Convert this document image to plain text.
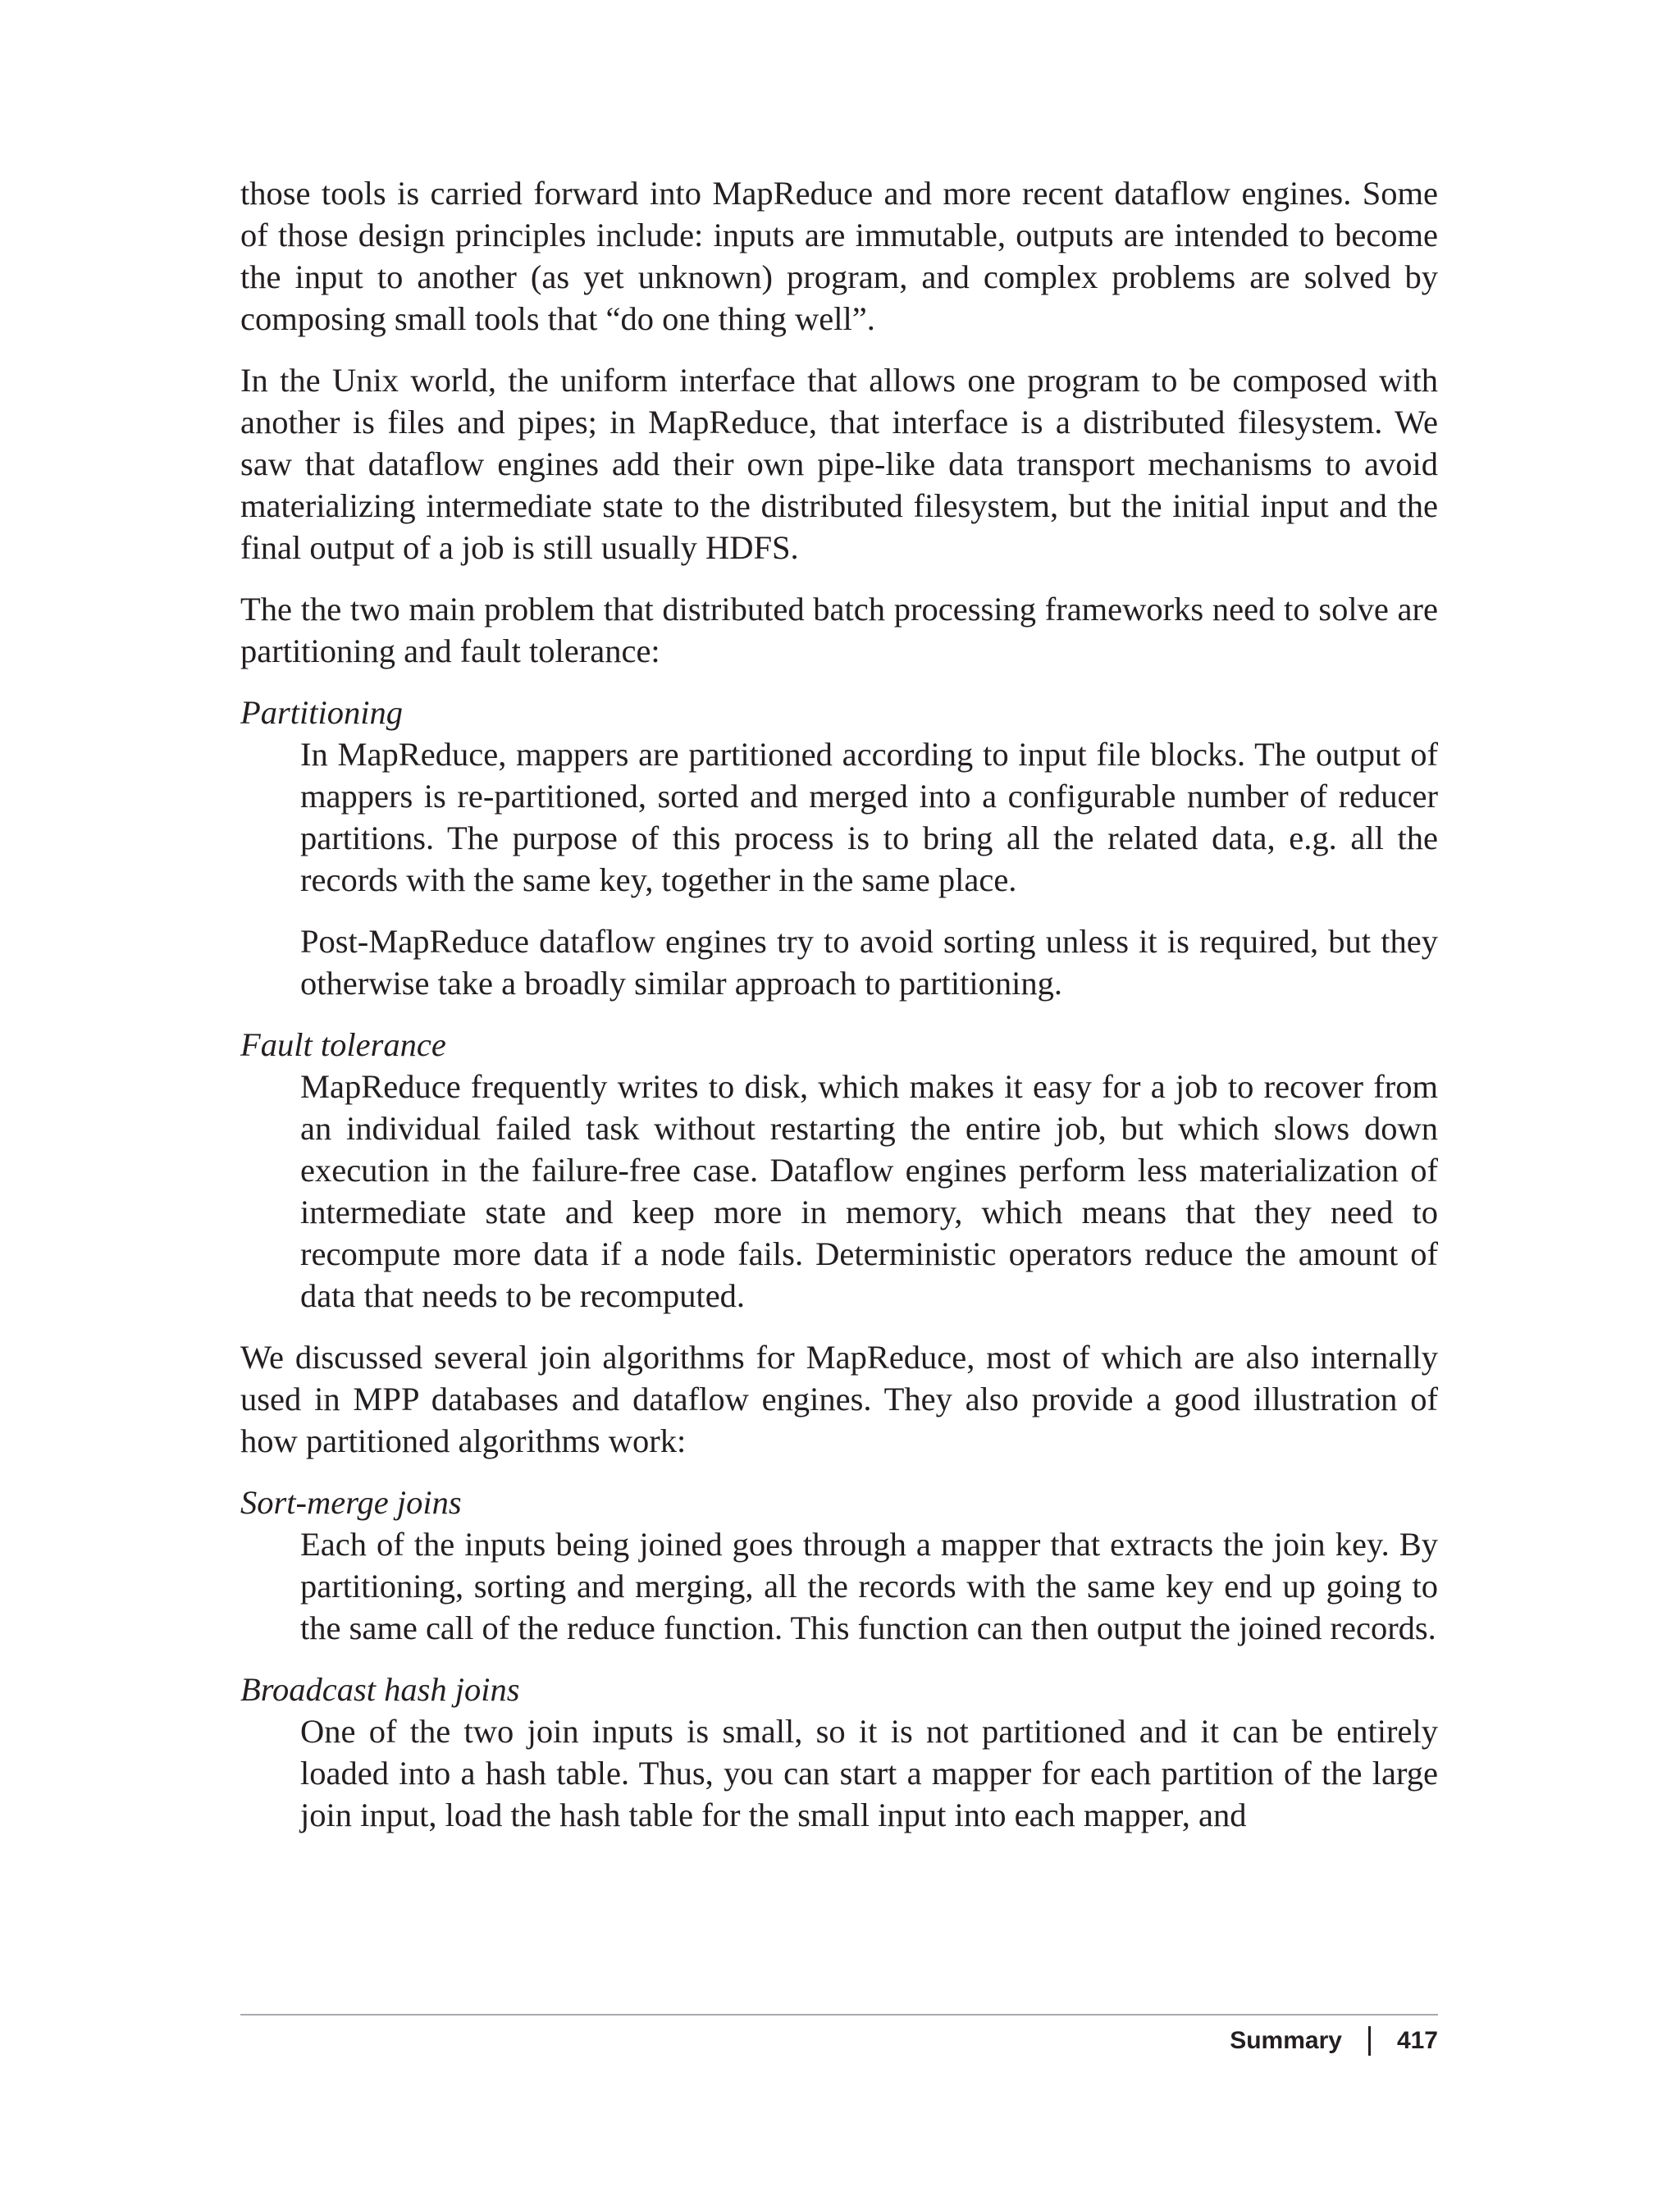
those tools is carried forward into MapReduce and more recent dataflow engines. Some of those design principles include: inputs are immutable, outputs are intended to become the input to another (as yet unknown) program, and complex problems are solved by composing small tools that “do one thing well”.

In the Unix world, the uniform interface that allows one program to be composed with another is files and pipes; in MapReduce, that interface is a distributed filesystem. We saw that dataflow engines add their own pipe-like data transport mechanisms to avoid materializing intermediate state to the distributed filesystem, but the initial input and the final output of a job is still usually HDFS.

The the two main problem that distributed batch processing frameworks need to solve are partitioning and fault tolerance:

Partitioning

In MapReduce, mappers are partitioned according to input file blocks. The output of mappers is re-partitioned, sorted and merged into a configurable number of reducer partitions. The purpose of this process is to bring all the related data, e.g. all the records with the same key, together in the same place.

Post-MapReduce dataflow engines try to avoid sorting unless it is required, but they otherwise take a broadly similar approach to partitioning.

Fault tolerance

MapReduce frequently writes to disk, which makes it easy for a job to recover from an individual failed task without restarting the entire job, but which slows down execution in the failure-free case. Dataflow engines perform less materialization of intermediate state and keep more in memory, which means that they need to recompute more data if a node fails. Deterministic operators reduce the amount of data that needs to be recomputed.

We discussed several join algorithms for MapReduce, most of which are also internally used in MPP databases and dataflow engines. They also provide a good illustration of how partitioned algorithms work:

Sort-merge joins

Each of the inputs being joined goes through a mapper that extracts the join key. By partitioning, sorting and merging, all the records with the same key end up going to the same call of the reduce function. This function can then output the joined records.

Broadcast hash joins

One of the two join inputs is small, so it is not partitioned and it can be entirely loaded into a hash table. Thus, you can start a mapper for each partition of the large join input, load the hash table for the small input into each mapper, and

Summary 417
